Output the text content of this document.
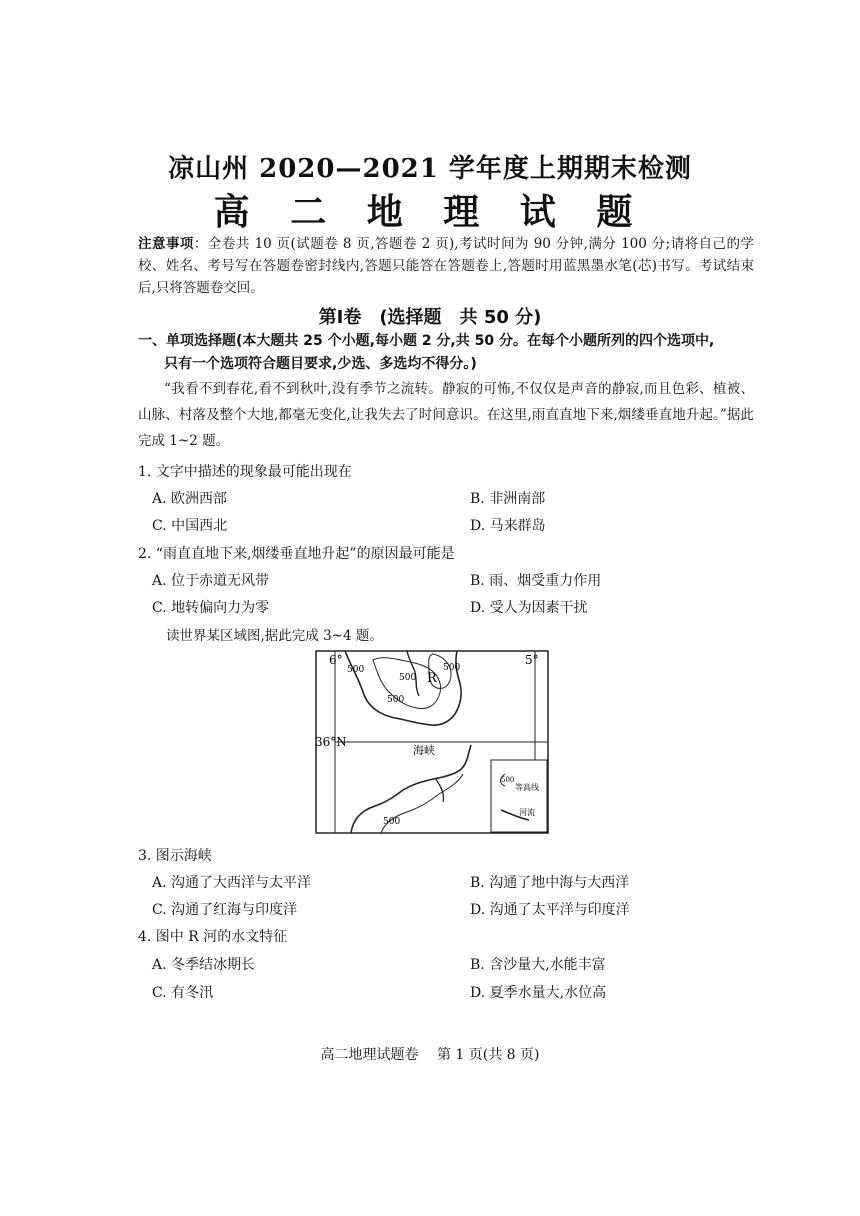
凉山州 2020—2021 学年度上期期末检测
高 二 地 理 试 题
注意事项：全卷共 10 页(试题卷 8 页,答题卷 2 页),考试时间为 90 分钟,满分 100 分;请将自己的学校、姓名、考号写在答题卷密封线内,答题只能答在答题卷上,答题时用蓝黑墨水笔(芯)书写。考试结束后,只将答题卷交回。
第Ⅰ卷　(选择题　共 50 分)
一、单项选择题(本大题共 25 个小题,每小题 2 分,共 50 分。在每个小题所列的四个选项中,
只有一个选项符合题目要求,少选、多选均不得分。)
“我看不到春花,看不到秋叶,没有季节之流转。静寂的可怖,不仅仅是声音的静寂,而且色彩、植被、山脉、村落及整个大地,都毫无变化,让我失去了时间意识。在这里,雨直直地下来,烟缕垂直地升起。”据此完成 1~2 题。
1. 文字中描述的现象最可能出现在
A. 欧洲西部	B. 非洲南部
C. 中国西北	D. 马来群岛
2. “雨直直地下来,烟缕垂直地升起”的原因最可能是
A. 位于赤道无风带	B. 雨、烟受重力作用
C. 地转偏向力为零	D. 受人为因素干扰
读世界某区域图,据此完成 3~4 题。
6°	5°
36°N
海峡
R
500
500
500
500
500
500
等高线
河流
3. 图示海峡
A. 沟通了大西洋与太平洋	B. 沟通了地中海与大西洋
C. 沟通了红海与印度洋	D. 沟通了太平洋与印度洋
4. 图中 R 河的水文特征
A. 冬季结冰期长	B. 含沙量大,水能丰富
C. 有冬汛	D. 夏季水量大,水位高
高二地理试题卷　 第 1 页(共 8 页)
